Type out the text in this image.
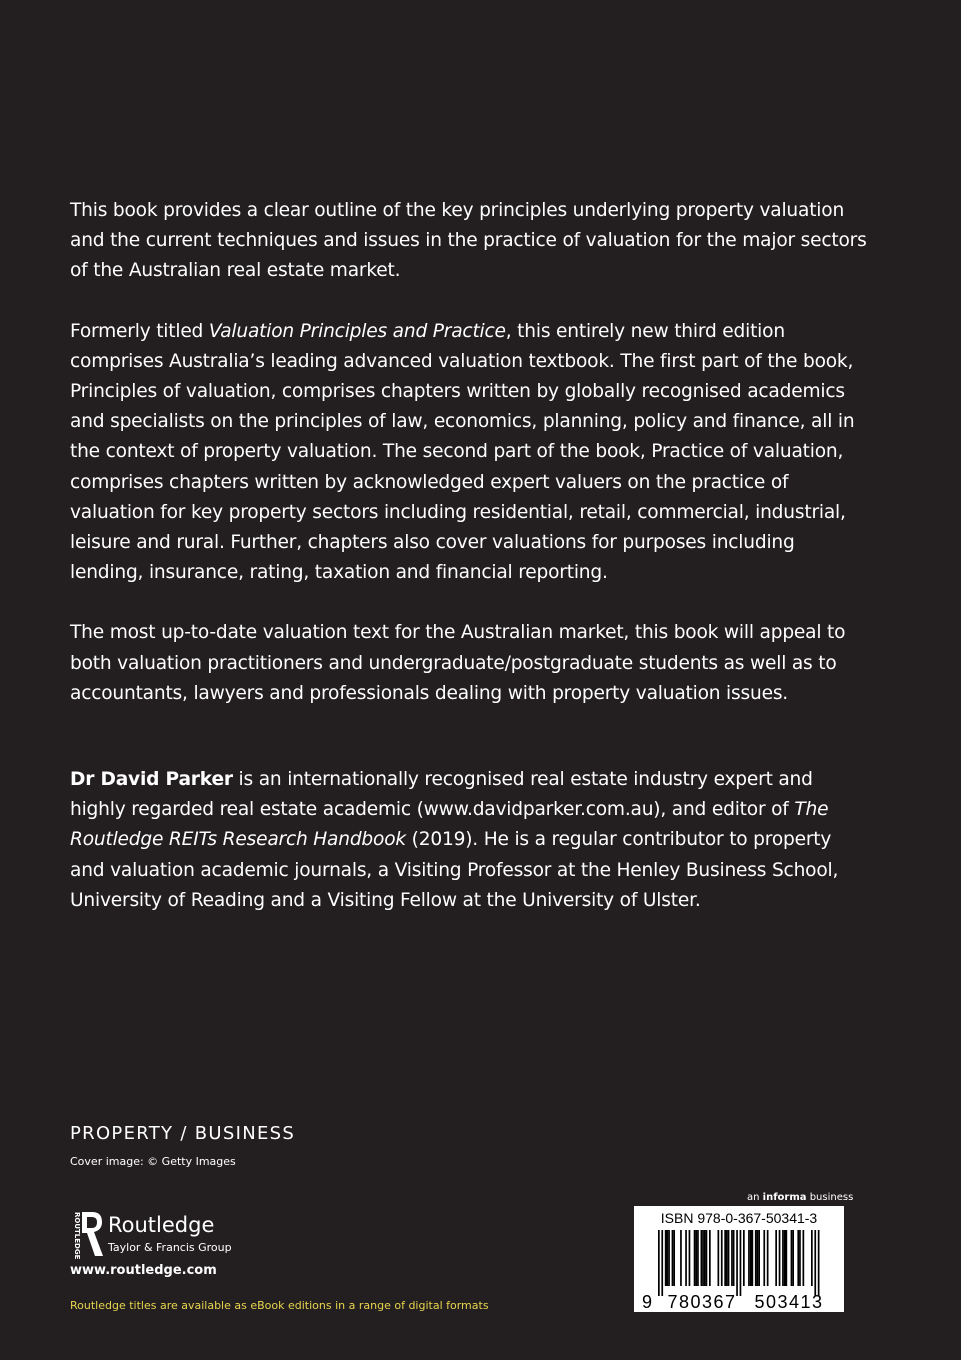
This book provides a clear outline of the key principles underlying property valuation and the current techniques and issues in the practice of valuation for the major sectors of the Australian real estate market.

Formerly titled Valuation Principles and Practice, this entirely new third edition comprises Australia’s leading advanced valuation textbook. The first part of the book, Principles of valuation, comprises chapters written by globally recognised academics and specialists on the principles of law, economics, planning, policy and finance, all in the context of property valuation. The second part of the book, Practice of valuation, comprises chapters written by acknowledged expert valuers on the practice of valuation for key property sectors including residential, retail, commercial, industrial, leisure and rural. Further, chapters also cover valuations for purposes including lending, insurance, rating, taxation and financial reporting.

The most up-to-date valuation text for the Australian market, this book will appeal to both valuation practitioners and undergraduate/postgraduate students as well as to accountants, lawyers and professionals dealing with property valuation issues.

Dr David Parker is an internationally recognised real estate industry expert and highly regarded real estate academic (www.davidparker.com.au), and editor of The Routledge REITs Research Handbook (2019). He is a regular contributor to property and valuation academic journals, a Visiting Professor at the Henley Business School, University of Reading and a Visiting Fellow at the University of Ulster.

PROPERTY / BUSINESS
Cover image: © Getty Images
ROUTLEDGE Routledge
Taylor & Francis Group
www.routledge.com
Routledge titles are available as eBook editions in a range of digital formats
an informa business
ISBN 978-0-367-50341-3
9 780367 503413
